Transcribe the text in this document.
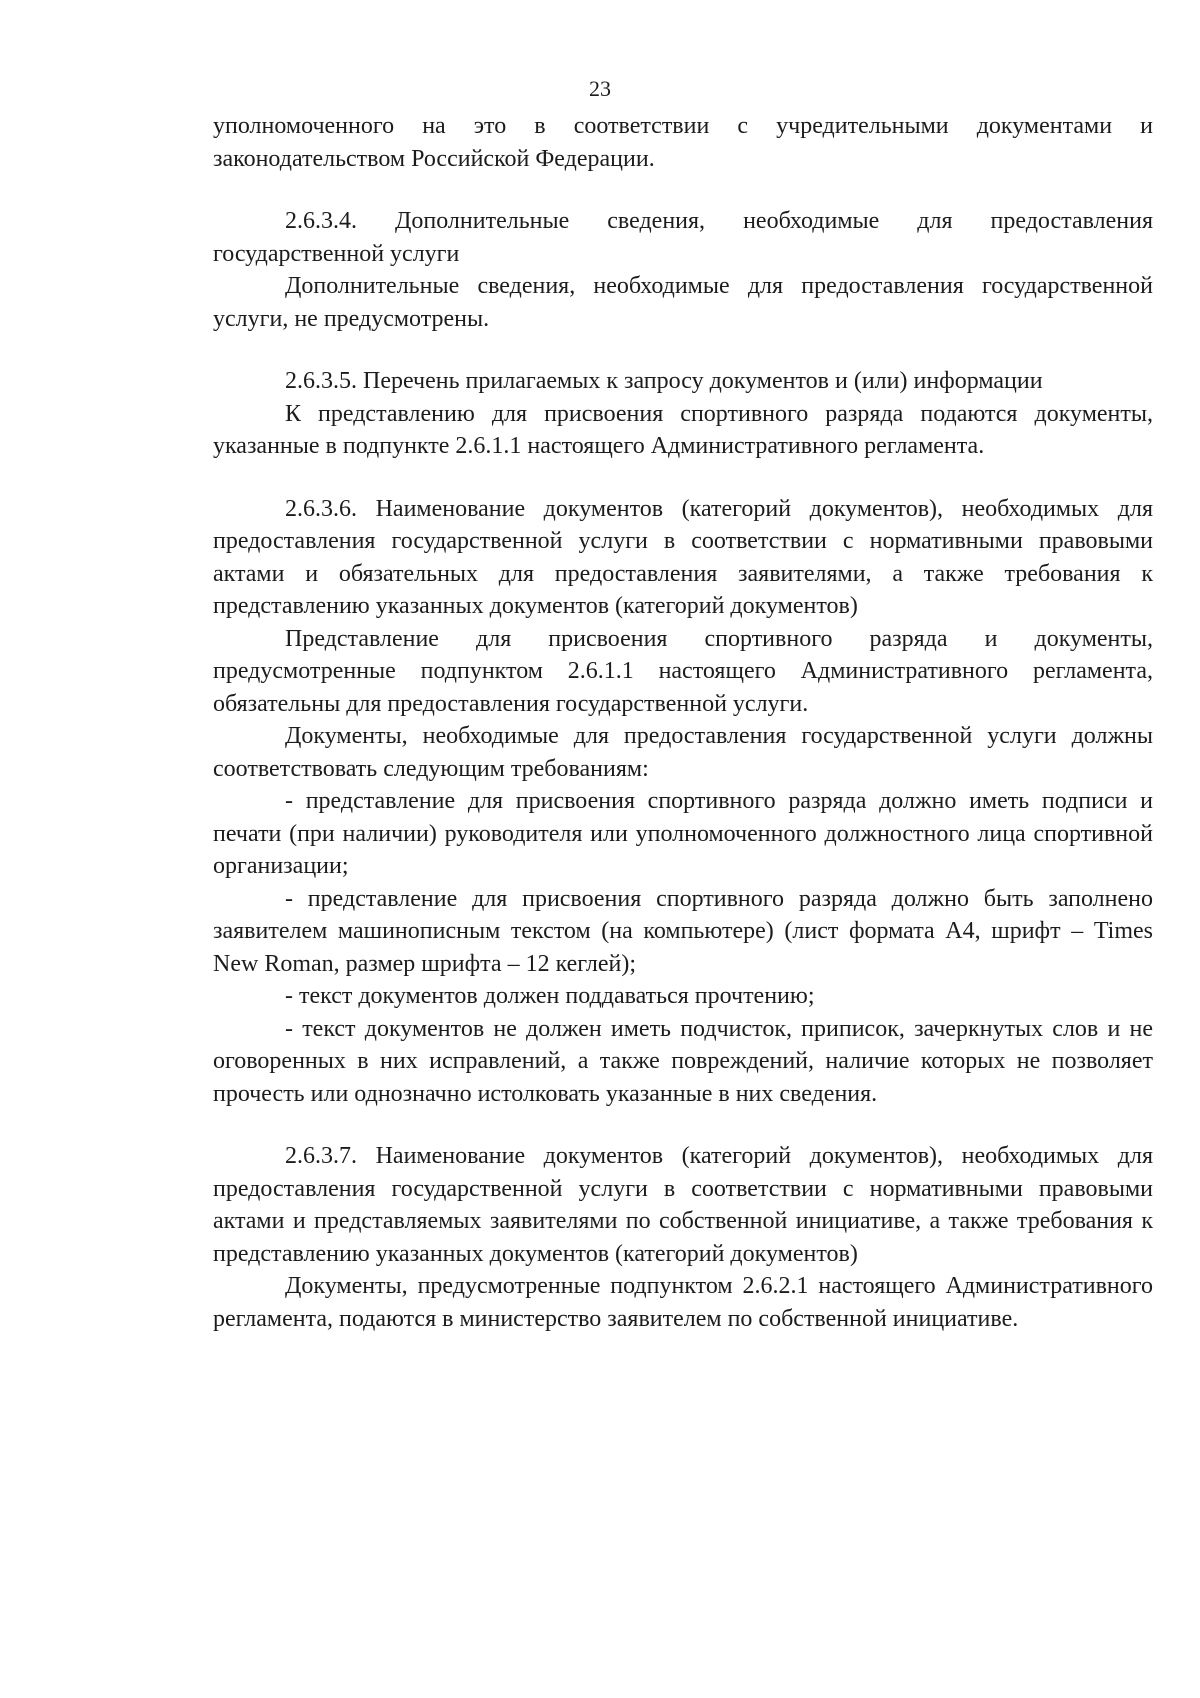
23

уполномоченного на это в соответствии с учредительными документами и законодательством Российской Федерации.

2.6.3.4. Дополнительные сведения, необходимые для предоставления государственной услуги

Дополнительные сведения, необходимые для предоставления государственной услуги, не предусмотрены.

2.6.3.5. Перечень прилагаемых к запросу документов и (или) информации

К представлению для присвоения спортивного разряда подаются документы, указанные в подпункте 2.6.1.1 настоящего Административного регламента.

2.6.3.6. Наименование документов (категорий документов), необходимых для предоставления государственной услуги в соответствии с нормативными правовыми актами и обязательных для предоставления заявителями, а также требования к представлению указанных документов (категорий документов)

Представление для присвоения спортивного разряда и документы, предусмотренные подпунктом 2.6.1.1 настоящего Административного регламента, обязательны для предоставления государственной услуги.

Документы, необходимые для предоставления государственной услуги должны соответствовать следующим требованиям:

- представление для присвоения спортивного разряда должно иметь подписи и печати (при наличии) руководителя или уполномоченного должностного лица спортивной организации;

- представление для присвоения спортивного разряда должно быть заполнено заявителем машинописным текстом (на компьютере) (лист формата А4, шрифт – Times New Roman, размер шрифта – 12 кеглей);

- текст документов должен поддаваться прочтению;

- текст документов не должен иметь подчисток, приписок, зачеркнутых слов и не оговоренных в них исправлений, а также повреждений, наличие которых не позволяет прочесть или однозначно истолковать указанные в них сведения.

2.6.3.7. Наименование документов (категорий документов), необходимых для предоставления государственной услуги в соответствии с нормативными правовыми актами и представляемых заявителями по собственной инициативе, а также требования к представлению указанных документов (категорий документов)

Документы, предусмотренные подпунктом 2.6.2.1 настоящего Административного регламента, подаются в министерство заявителем по собственной инициативе.
